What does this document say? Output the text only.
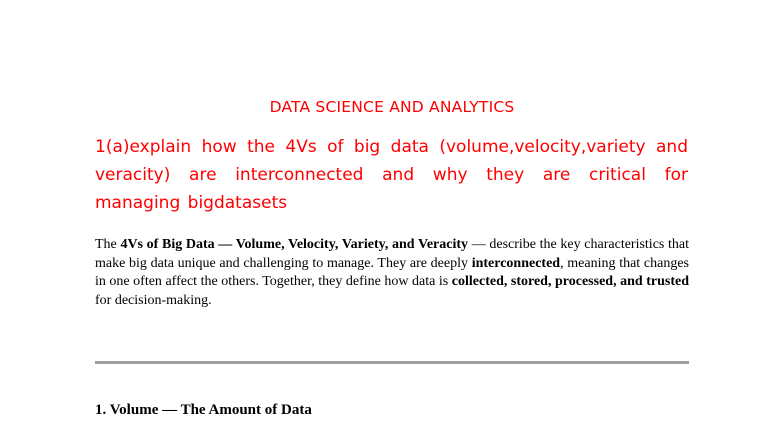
DATA SCIENCE AND ANALYTICS

1(a)explain how the 4Vs of big data (volume,velocity,variety and veracity) are interconnected and why they are critical for managing bigdatasets

The 4Vs of Big Data — Volume, Velocity, Variety, and Veracity — describe the key characteristics that make big data unique and challenging to manage. They are deeply interconnected, meaning that changes in one often affect the others. Together, they define how data is collected, stored, processed, and trusted for decision-making.

1. Volume — The Amount of Data
